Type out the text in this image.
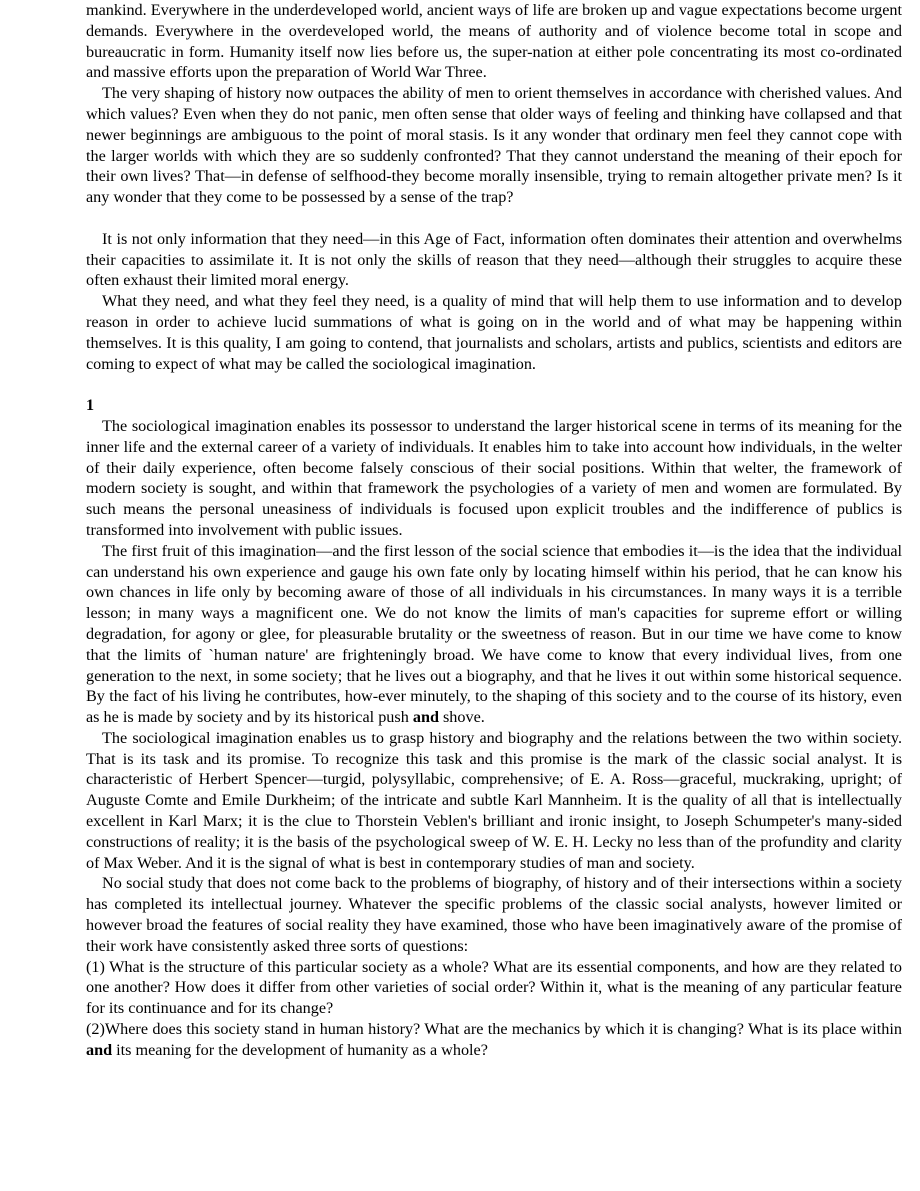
mankind. Everywhere in the underdeveloped world, ancient ways of life are broken up and vague expectations become urgent demands. Everywhere in the overdeveloped world, the means of authority and of violence become total in scope and bureaucratic in form. Humanity itself now lies before us, the super-nation at either pole concentrating its most co-ordinated and massive efforts upon the preparation of World War Three.

The very shaping of history now outpaces the ability of men to orient themselves in accordance with cherished values. And which values? Even when they do not panic, men often sense that older ways of feeling and thinking have collapsed and that newer beginnings are ambiguous to the point of moral stasis. Is it any wonder that ordinary men feel they cannot cope with the larger worlds with which they are so suddenly confronted? That they cannot understand the meaning of their epoch for their own lives? That—in defense of selfhood-they become morally insensible, trying to remain altogether private men? Is it any wonder that they come to be possessed by a sense of the trap?

It is not only information that they need—in this Age of Fact, information often dominates their attention and overwhelms their capacities to assimilate it. It is not only the skills of reason that they need—although their struggles to acquire these often exhaust their limited moral energy.

What they need, and what they feel they need, is a quality of mind that will help them to use information and to develop reason in order to achieve lucid summations of what is going on in the world and of what may be happening within themselves. It is this quality, I am going to contend, that journalists and scholars, artists and publics, scientists and editors are coming to expect of what may be called the sociological imagination.

1

The sociological imagination enables its possessor to understand the larger historical scene in terms of its meaning for the inner life and the external career of a variety of individuals. It enables him to take into account how individuals, in the welter of their daily experience, often become falsely conscious of their social positions. Within that welter, the framework of modern society is sought, and within that framework the psychologies of a variety of men and women are formulated. By such means the personal uneasiness of individuals is focused upon explicit troubles and the indifference of publics is transformed into involvement with public issues.

The first fruit of this imagination—and the first lesson of the social science that embodies it—is the idea that the individual can understand his own experience and gauge his own fate only by locating himself within his period, that he can know his own chances in life only by becoming aware of those of all individuals in his circumstances. In many ways it is a terrible lesson; in many ways a magnificent one. We do not know the limits of man's capacities for supreme effort or willing degradation, for agony or glee, for pleasurable brutality or the sweetness of reason. But in our time we have come to know that the limits of `human nature' are frighteningly broad. We have come to know that every individual lives, from one generation to the next, in some society; that he lives out a biography, and that he lives it out within some historical sequence. By the fact of his living he contributes, how-ever minutely, to the shaping of this society and to the course of its history, even as he is made by society and by its historical push and shove.

The sociological imagination enables us to grasp history and biography and the relations between the two within society. That is its task and its promise. To recognize this task and this promise is the mark of the classic social analyst. It is characteristic of Herbert Spencer—turgid, polysyllabic, comprehensive; of E. A. Ross—graceful, muckraking, upright; of Auguste Comte and Emile Durkheim; of the intricate and subtle Karl Mannheim. It is the quality of all that is intellectually excellent in Karl Marx; it is the clue to Thorstein Veblen's brilliant and ironic insight, to Joseph Schumpeter's many-sided constructions of reality; it is the basis of the psychological sweep of W. E. H. Lecky no less than of the profundity and clarity of Max Weber. And it is the signal of what is best in contemporary studies of man and society.

No social study that does not come back to the problems of biography, of history and of their intersections within a society has completed its intellectual journey. Whatever the specific problems of the classic social analysts, however limited or however broad the features of social reality they have examined, those who have been imaginatively aware of the promise of their work have consistently asked three sorts of questions:

(1) What is the structure of this particular society as a whole? What are its essential components, and how are they related to one another? How does it differ from other varieties of social order? Within it, what is the meaning of any particular feature for its continuance and for its change?

(2)Where does this society stand in human history? What are the mechanics by which it is changing? What is its place within and its meaning for the development of humanity as a whole?
